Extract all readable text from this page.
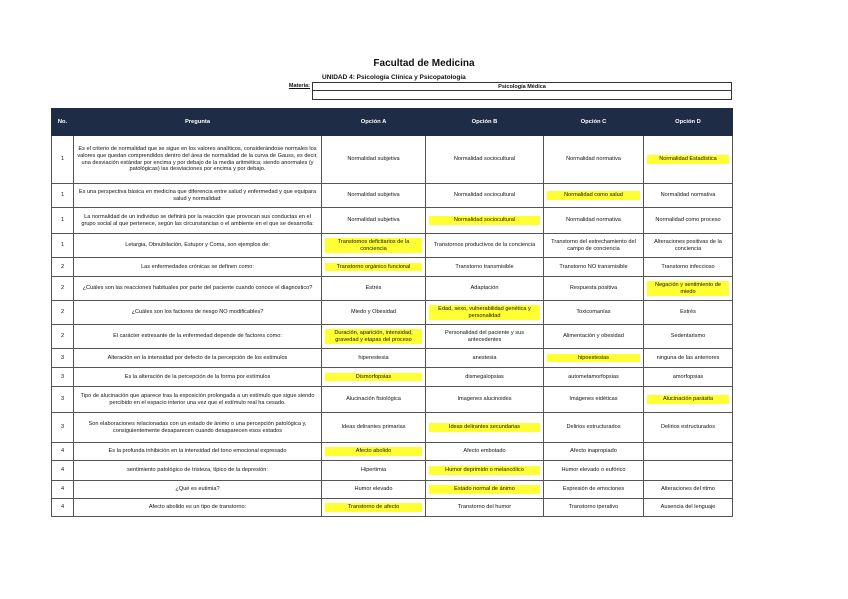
Facultad de Medicina
UNIDAD 4: Psicología Clínica y Psicopatología
Materia:	Psicología Médica
No.	Pregunta	Opción A	Opción B	Opción C	Opción D
1	Es el criterio de normalidad que se sigue en los valores analíticos, considerándose normales los valores que quedan comprendidos dentro del área de normalidad de la curva de Gauss, es decir, una desviación estándar por encima y por debajo de la media aritmética; siendo anormales (y patológicas) las desviaciones por encima y por debajo.	Normalidad subjetiva	Normalidad sociocultural	Normalidad normativa	Normalidad Estadística

1	Es una perspectiva básica en medicina que diferencia entre salud y enfermedad y que equipara salud y normalidad:	Normalidad subjetiva	Normalidad sociocultural	Normalidad como salud	Normalidad normativa

1	La normalidad de un individuo se definirá por la reacción que provocan sus conductas en el grupo social al que pertenece, según las circunstancias o el ambiente en el que se desarrolla:	Normalidad subjetiva	Normalidad sociocultural	Normalidad normativa	Normalidad como proceso

1	Letargia, Obnubilación, Estupor y Coma, son ejemplos de:	Transtornos deficitarios de la conciencia	Transtornos productivos de la conciencia	Transtorno del estrechamiento del campo de conciencia	Alteraciones positivas de la conciencia

2	Las enfermedades crónicas se definen como:	Transtorno orgánico funcional	Transtorno transmisible	Transtorno NO transmisible	Transtorno infeccioso

2	¿Cuáles son las reacciones habituales por parte del paciente cuando conoce el diagnostico?	Estrés	Adaptación	Respuesta positiva	Negación y sentimiento de miedo

2	¿Cuáles son los factores de riesgo NO modificables?	Miedo y Obesidad	Edad, sexo, vulnerabilidad genética y personalidad	Toxicomanías	Estrés

2	El carácter estresante de la enfermedad depende de factores como:	Duración, aparición, intensidad, gravedad y etapas del proceso	Personalidad del paciente y sus antecedentes	Alimentación y obesidad	Sedentarismo

3	Alteración en la intensidad por defecto de la percepción de los estímulos	hiperestesia	anestesia	hipoestesias	ninguna de las anteriores

3	Es la alteración de la percepción de la forma por estímulos	Dismorfopsias	dismegalopsias	autometamorfopsias	amorfopsias

3	Tipo de alucinación que aparece tras la exposición prolongada a un estímulo que sigue siendo percibido en el espacio interior una vez que el estímulo real ha cesado.	Alucinación fisiológica	Imagenes alucinoides	Imágenes eidéticas	Alucinación parásita

3	Son elaboraciones relacionadas con un estado de ánimo o una percepción patológica y, consiguientemente desaparecen cuando desaparecen esos estados	Ideas delirantes primarias	Ideas delirantes secundarias	Delirios estructurados	Delirios estructurados

4	Es la profunda inhibición en la intensidad del tono emocional expresado	Afecto abolido	Afecto embotado	Afecto inapropiado	

4	sentimiento patológico de tristeza, típico de la depresión:	Hipertimia	Humor deprimido o melancólico	Humor elevado o eufórico	

4	¿Qué es eutimia?	Humor elevado	Estado normal de ánimo	Expresión de emociones	Alteraciones del ritmo

4	Afecto abolido es un tipo de transtorno:	Transtorno de afecto	Transtorno del humor	Transtorno iperativo	Ausencia del lenguaje
